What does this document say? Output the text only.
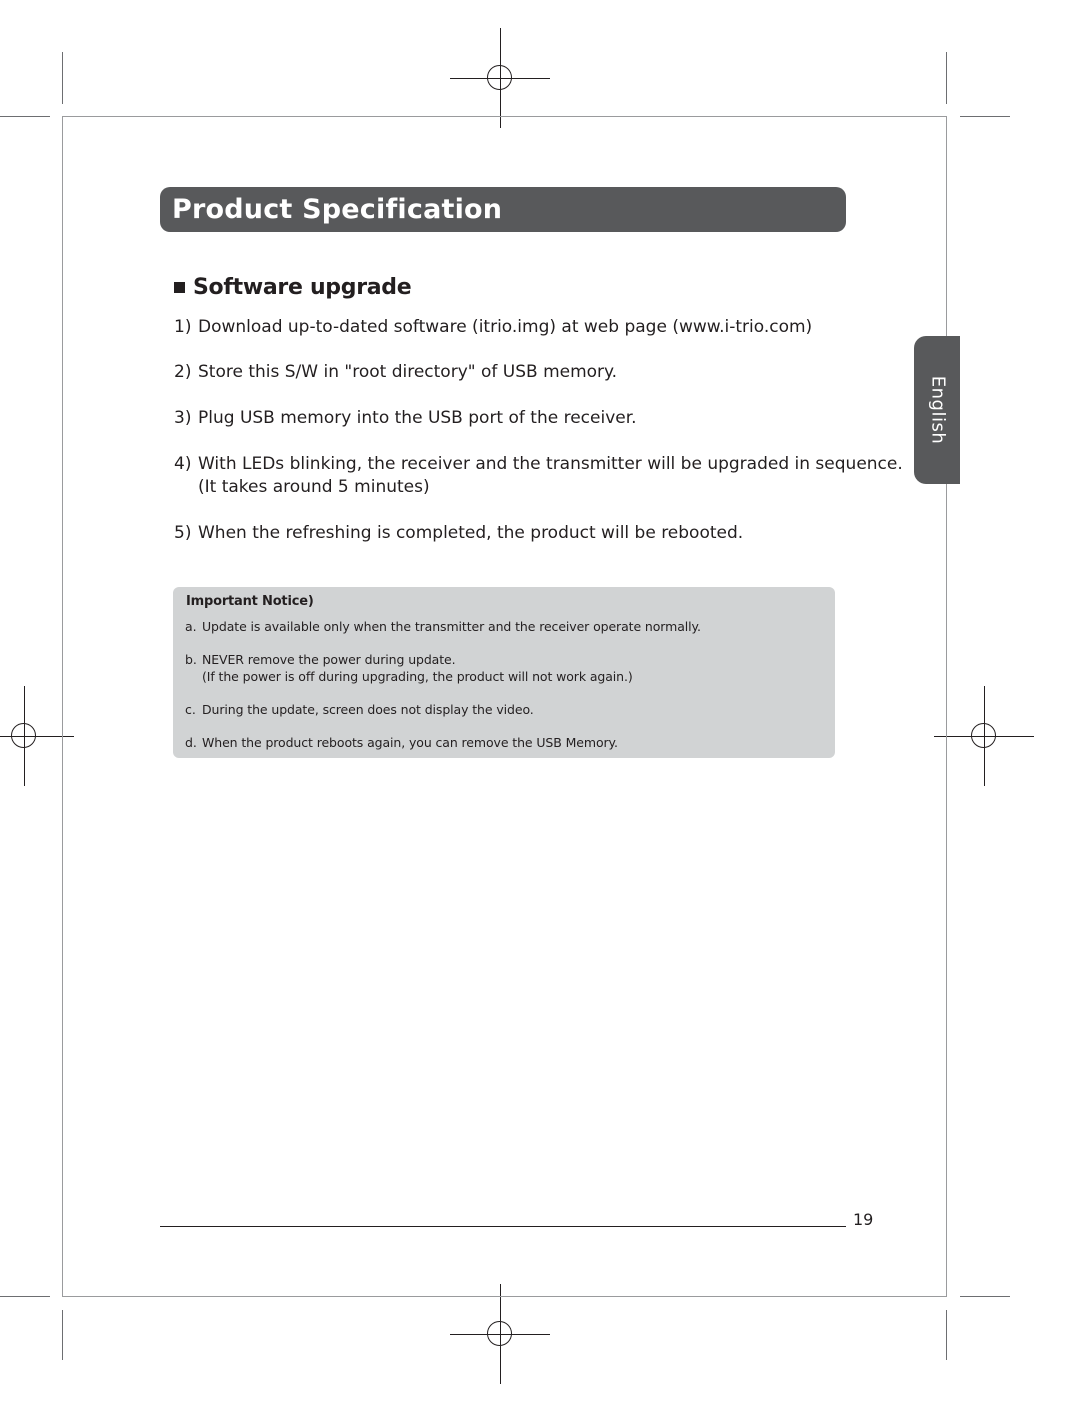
Product Specification
English
Software upgrade
1) Download up-to-dated software (itrio.img) at web page (www.i-trio.com)
2) Store this S/W in "root directory" of USB memory.
3) Plug USB memory into the USB port of the receiver.
4) With LEDs blinking, the receiver and the transmitter will be upgraded in sequence.
(It takes around 5 minutes)
5) When the refreshing is completed, the product will be rebooted.
Important Notice)
a. Update is available only when the transmitter and the receiver operate normally.
b. NEVER remove the power during update.
(If the power is off during upgrading, the product will not work again.)
c. During the update, screen does not display the video.
d. When the product reboots again, you can remove the USB Memory.
19
